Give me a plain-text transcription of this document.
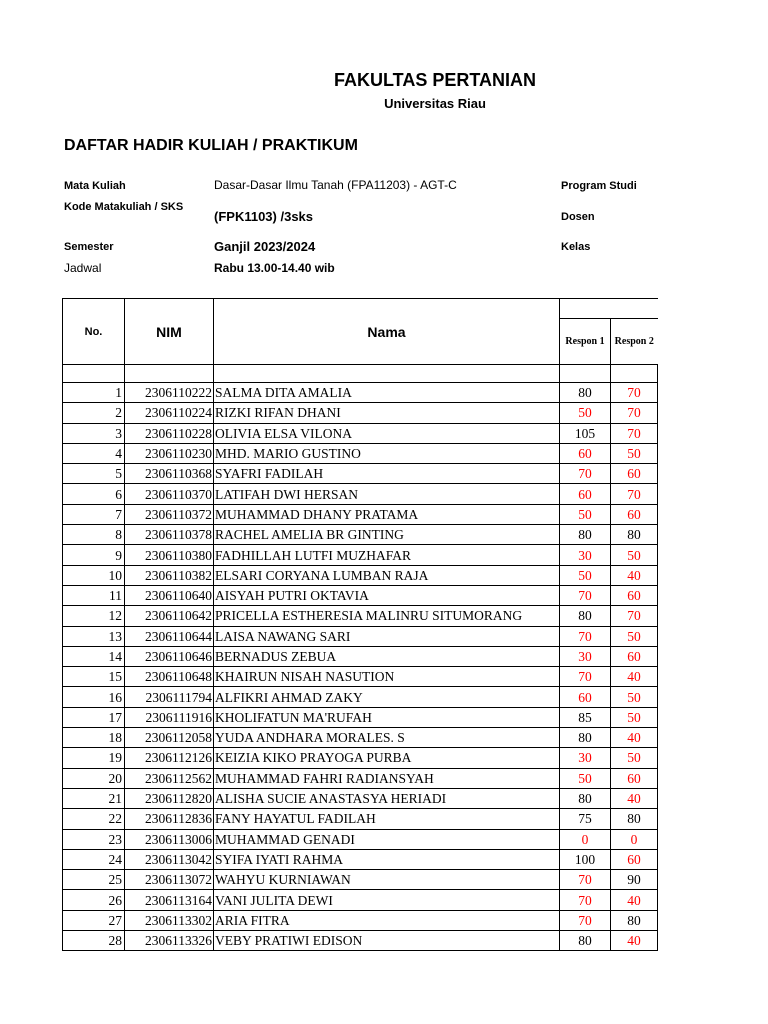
FAKULTAS PERTANIAN
Universitas Riau
DAFTAR HADIR KULIAH / PRAKTIKUM
Mata Kuliah	Dasar-Dasar Ilmu Tanah (FPA11203) - AGT-C	Program Studi
Kode Matakuliah / SKS
(FPK1103) /3sks	Dosen
Semester	Ganjil 2023/2024	Kelas
Jadwal	Rabu 13.00-14.40 wib
No.	NIM	Nama		
			Respon 1	Respon 2

1	2306110222	SALMA DITA AMALIA	80	70
2	2306110224	RIZKI RIFAN DHANI	50	70
3	2306110228	OLIVIA ELSA VILONA	105	70
4	2306110230	MHD. MARIO GUSTINO	60	50
5	2306110368	SYAFRI FADILAH	70	60
6	2306110370	LATIFAH DWI HERSAN	60	70
7	2306110372	MUHAMMAD DHANY PRATAMA	50	60
8	2306110378	RACHEL AMELIA BR GINTING	80	80
9	2306110380	FADHILLAH LUTFI MUZHAFAR	30	50
10	2306110382	ELSARI CORYANA LUMBAN RAJA	50	40
11	2306110640	AISYAH PUTRI OKTAVIA	70	60
12	2306110642	PRICELLA ESTHERESIA MALINRU SITUMORANG	80	70
13	2306110644	LAISA NAWANG SARI	70	50
14	2306110646	BERNADUS ZEBUA	30	60
15	2306110648	KHAIRUN NISAH NASUTION	70	40
16	2306111794	ALFIKRI AHMAD ZAKY	60	50
17	2306111916	KHOLIFATUN MA'RUFAH	85	50
18	2306112058	YUDA ANDHARA MORALES. S	80	40
19	2306112126	KEIZIA KIKO PRAYOGA PURBA	30	50
20	2306112562	MUHAMMAD FAHRI RADIANSYAH	50	60
21	2306112820	ALISHA SUCIE ANASTASYA HERIADI	80	40
22	2306112836	FANY HAYATUL FADILAH	75	80
23	2306113006	MUHAMMAD GENADI	0	0
24	2306113042	SYIFA IYATI RAHMA	100	60
25	2306113072	WAHYU KURNIAWAN	70	90
26	2306113164	VANI JULITA DEWI	70	40
27	2306113302	ARIA FITRA	70	80
28	2306113326	VEBY PRATIWI EDISON	80	40
